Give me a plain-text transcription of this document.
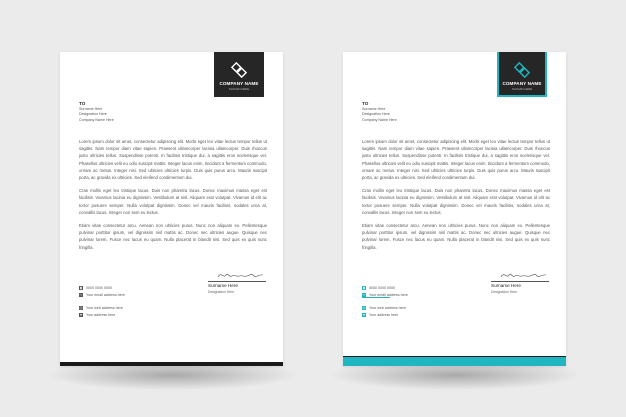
COMPANY NAME
SLOGAN HERE
TO
Surname Here
Designation Here
Company Name Here

Lorem ipsum dolor sit amet, consectetur adipiscing elit. Morbi eget leo vitae lectus tempor tellus ut sagittis. Nam tempor diam vitae sapien. Praesent ullamcorper lacinia ullamcorper. Duis rhoncus justo ultricies tellus. Suspendisse potenti. In facilisis tristique dui, a sagittis eros scelerisque vel. Phasellus ultricies velit eu odio suscipit mattis. Integer lacus enim, tincidunt a fermentum commodo, ornare ac metus. Integer nisi. Sed ultricies ultricies turpis. Duis quis purus arcu. Mauris suscipit porta, ac gravida ex ultricies. Sed eleifend condimentum dui.

Cras mollis eget leo tristique lacus. Duis non pharetra lacus. Donec maximus massa eget est facilisis. Vivamus lacinia eu dignissim. Vestibulum at nisl. Aliquam erat volutpat. Vivamus id elit ac tortor posuere semper. Nulla volutpat dignissim. Donec vel mauris facilisis, sodales urna at, convallis lacus. Integer non sem eu lectus.

Etiam vitae consectetur arcu. Aenean non ultricies purus. Nunc non aliquam ex. Pellentesque pulvinar porttitor ipsum, vel dignissim nisl mattis ac. Donec nec ultricies augue. Quisque nec pulvinar lorem. Fusce nec lacus eu quam. Nulla placerat in blandit nisi. Sed quis ex quis nunc fringilla.

Surname Here
Designation Here
0000 0000 0000
Your email address here
Your web address here
Your address here
COMPANY NAME
SLOGAN HERE
TO
Surname Here
Designation Here
Company Name Here

Lorem ipsum dolor sit amet, consectetur adipiscing elit. Morbi eget leo vitae lectus tempor tellus ut sagittis. Nam tempor diam vitae sapien. Praesent ullamcorper lacinia ullamcorper. Duis rhoncus justo ultricies tellus. Suspendisse potenti. In facilisis tristique dui, a sagittis eros scelerisque vel. Phasellus ultricies velit eu odio suscipit mattis. Integer lacus enim, tincidunt a fermentum commodo, ornare ac metus. Integer nisi. Sed ultricies ultricies turpis. Duis quis purus arcu. Mauris suscipit porta, ac gravida ex ultricies. Sed eleifend condimentum dui.

Cras mollis eget leo tristique lacus. Duis non pharetra lacus. Donec maximus massa eget est facilisis. Vivamus lacinia eu dignissim. Vestibulum at nisl. Aliquam erat volutpat. Vivamus id elit ac tortor posuere semper. Nulla volutpat dignissim. Donec vel mauris facilisis, sodales urna at, convallis lacus. Integer non sem eu lectus.

Etiam vitae consectetur arcu. Aenean non ultricies purus. Nunc non aliquam ex. Pellentesque pulvinar porttitor ipsum, vel dignissim nisl mattis ac. Donec nec ultricies augue. Quisque nec pulvinar lorem. Fusce nec lacus eu quam. Nulla placerat in blandit nisi. Sed quis ex quis nunc fringilla.

Surname Here
Designation Here
0000 0000 0000
Your email address here
Your web address here
Your address here
